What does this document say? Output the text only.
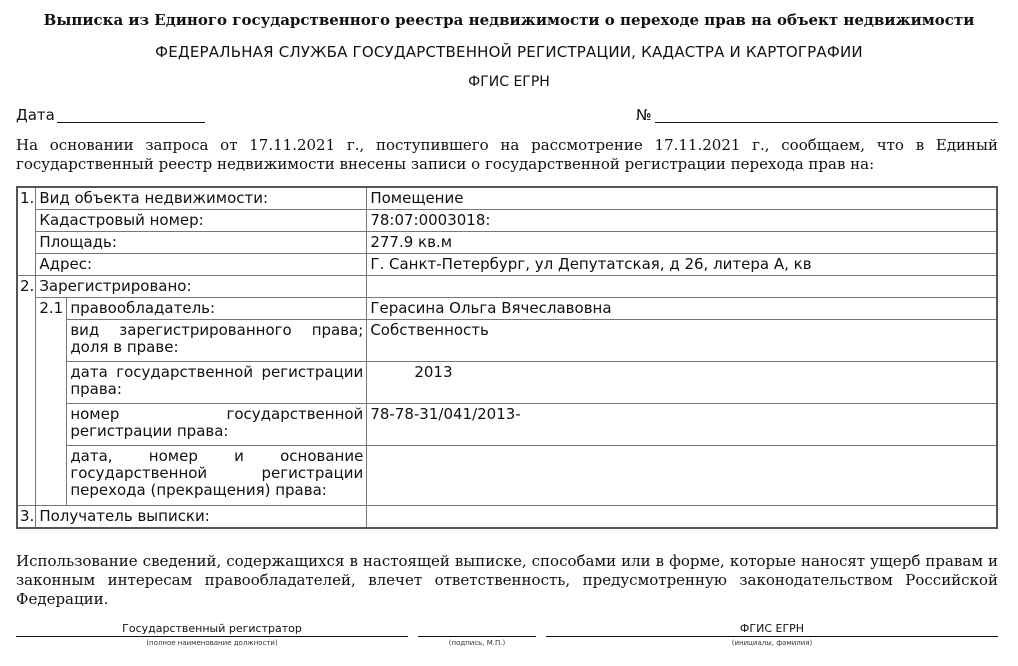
Выписка из Единого государственного реестра недвижимости о переходе прав на объект недвижимости
ФЕДЕРАЛЬНАЯ СЛУЖБА ГОСУДАРСТВЕННОЙ РЕГИСТРАЦИИ, КАДАСТРА И КАРТОГРАФИИ
ФГИС ЕГРН
Дата	№
На основании запроса от 17.11.2021 г., поступившего на рассмотрение 17.11.2021 г., сообщаем, что в Единый государственный реестр недвижимости внесены записи о государственной регистрации перехода прав на:
1.	Вид объекта недвижимости:		Помещение
	Кадастровый номер:		78:07:0003018:
	Площадь:		277.9 кв.м
	Адрес:		Г. Санкт-Петербург, ул Депутатская, д 26, литера А, кв
2.	Зарегистрировано:		
	2.1	правообладатель:	Герасина Ольга Вячеславовна
		вид зарегистрированного права; доля в праве:	Собственность
		дата государственной регистрации права:	2013
		номер государственной регистрации права:	78-78-31/041/2013-
		дата, номер и основание государственной регистрации перехода (прекращения) права:	
3.	Получатель выписки:		
Использование сведений, содержащихся в настоящей выписке, способами или в форме, которые наносят ущерб правам и законным интересам правообладателей, влечет ответственность, предусмотренную законодательством Российской Федерации.
Государственный регистратор
(полное наименование должности)	(подпись, М.П.)
ФГИС ЕГРН
(инициалы, фамилия)
